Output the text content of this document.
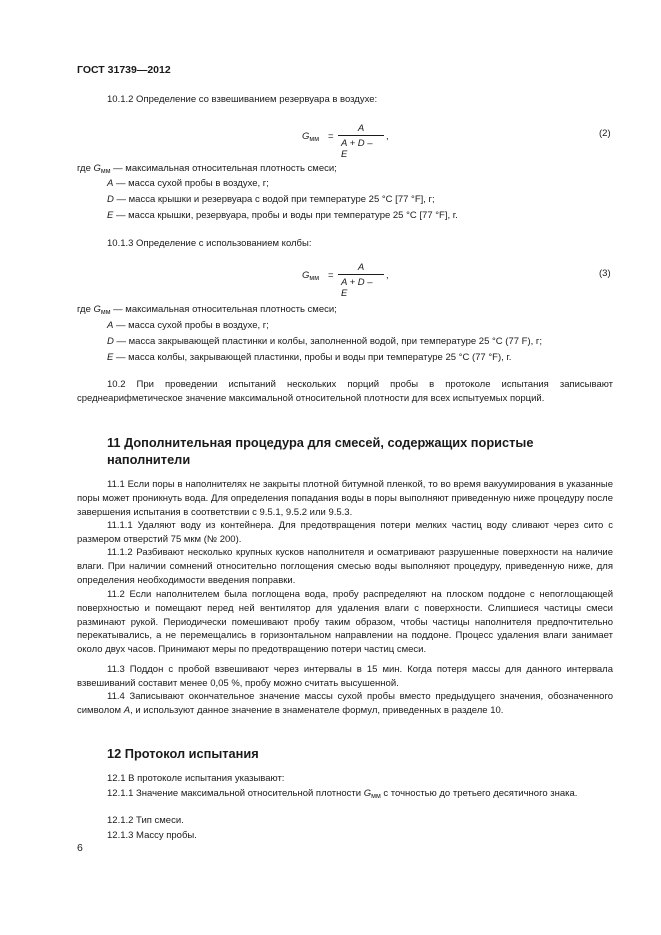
ГОСТ 31739—2012

10.1.2 Определение со взвешиванием резервуара в воздухе:

$G_{мм} = \frac{A}{A + D - E}$ ,	(2)

где $G_{мм}$ — максимальная относительная плотность смеси;

A — масса сухой пробы в воздухе, г;

D — масса крышки и резервуара с водой при температуре 25 °С [77 °F], г;

E — масса крышки, резервуара, пробы и воды при температуре 25 °С [77 °F], г.

10.1.3 Определение с использованием колбы:

$G_{мм} = \frac{A}{A + D - E}$ ,	(3)

где $G_{мм}$ — максимальная относительная плотность смеси;

A — масса сухой пробы в воздухе, г;

D — масса закрывающей пластинки и колбы, заполненной водой, при температуре 25 °С (77 F), г;

E — масса колбы, закрывающей пластинки, пробы и воды при температуре 25 °С (77 °F), г.

10.2 При проведении испытаний нескольких порций пробы в протоколе испытания записывают среднеарифметическое значение максимальной относительной плотности для всех испытуемых порций.

11 Дополнительная процедура для смесей, содержащих пористые

наполнители

11.1 Если поры в наполнителях не закрыты плотной битумной пленкой, то во время вакуумирования в указанные поры может проникнуть вода. Для определения попадания воды в поры выполняют приведенную ниже процедуру после завершения испытания в соответствии с 9.5.1, 9.5.2 или 9.5.3.

11.1.1 Удаляют воду из контейнера. Для предотвращения потери мелких частиц воду сливают через сито с размером отверстий 75 мкм (№ 200).

11.1.2 Разбивают несколько крупных кусков наполнителя и осматривают разрушенные поверхности на наличие влаги. При наличии сомнений относительно поглощения смесью воды выполняют процедуру, приведенную ниже, для определения необходимости введения поправки.

11.2 Если наполнителем была поглощена вода, пробу распределяют на плоском поддоне с непоглощающей поверхностью и помещают перед ней вентилятор для удаления влаги с поверхности. Слипшиеся частицы смеси разминают рукой. Периодически помешивают пробу таким образом, чтобы частицы наполнителя предпочтительно перекатывались, а не перемещались в горизонтальном направлении на поддоне. Процесс удаления влаги занимает около двух часов. Принимают меры по предотвращению потери частиц смеси.

11.3 Поддон с пробой взвешивают через интервалы в 15 мин. Когда потеря массы для данного интервала взвешиваний составит менее 0,05 %, пробу можно считать высушенной.

11.4 Записывают окончательное значение массы сухой пробы вместо предыдущего значения, обозначенного символом A, и используют данное значение в знаменателе формул, приведенных в разделе 10.

12 Протокол испытания

12.1 В протоколе испытания указывают:

12.1.1 Значение максимальной относительной плотности $G_{мм}$ с точностью до третьего десятичного знака.

12.1.2 Тип смеси.

12.1.3 Массу пробы.

6
